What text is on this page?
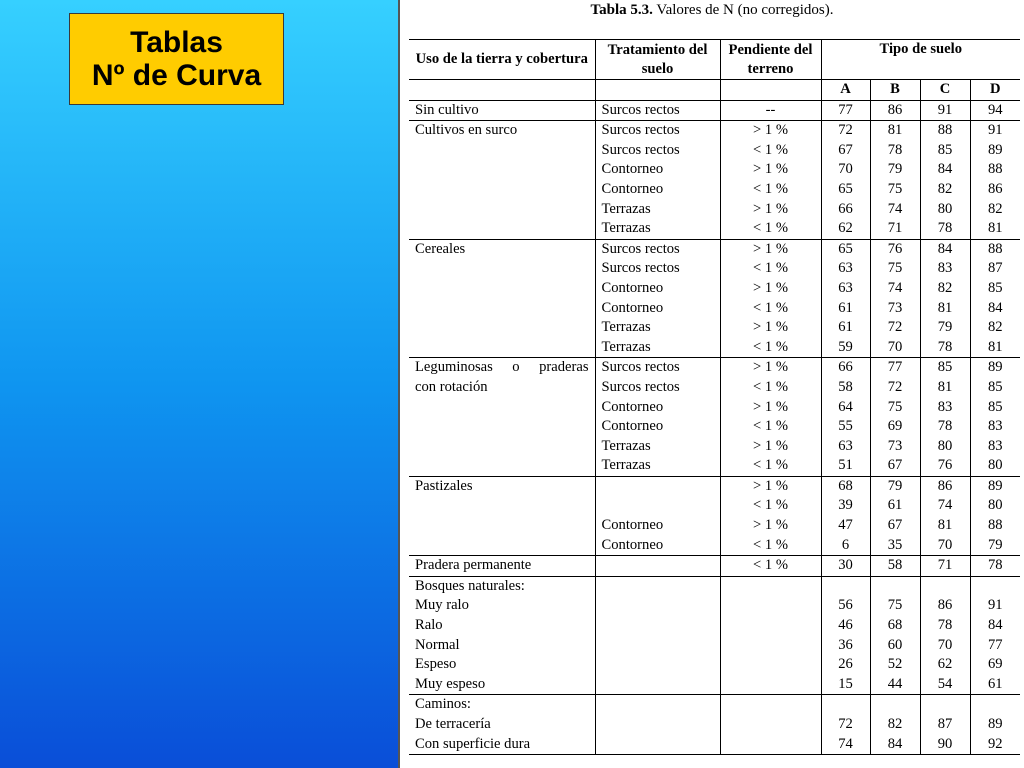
Tablas
Nº de Curva
Tabla 5.3. Valores de N (no corregidos).
Uso de la tierra y cobertura	Tratamiento del suelo	Pendiente del terreno	Tipo de suelo			
			A	B	C	D
Sin cultivo	Surcos rectos	--	77	86	91	94
Cultivos en surco	Surcos rectos	> 1 %	72	81	88	91
	Surcos rectos	< 1 %	67	78	85	89
	Contorneo	> 1 %	70	79	84	88
	Contorneo	< 1 %	65	75	82	86
	Terrazas	> 1 %	66	74	80	82
	Terrazas	< 1 %	62	71	78	81
Cereales	Surcos rectos	> 1 %	65	76	84	88
	Surcos rectos	< 1 %	63	75	83	87
	Contorneo	> 1 %	63	74	82	85
	Contorneo	< 1 %	61	73	81	84
	Terrazas	> 1 %	61	72	79	82
	Terrazas	< 1 %	59	70	78	81
Leguminosas o praderas	Surcos rectos	> 1 %	66	77	85	89
con rotación	Surcos rectos	< 1 %	58	72	81	85
	Contorneo	> 1 %	64	75	83	85
	Contorneo	< 1 %	55	69	78	83
	Terrazas	> 1 %	63	73	80	83
	Terrazas	< 1 %	51	67	76	80
Pastizales		> 1 %	68	79	86	89
		< 1 %	39	61	74	80
	Contorneo	> 1 %	47	67	81	88
	Contorneo	< 1 %	6	35	70	79
Pradera permanente		< 1 %	30	58	71	78
Bosques naturales:						
Muy ralo			56	75	86	91
Ralo			46	68	78	84
Normal			36	60	70	77
Espeso			26	52	62	69
Muy espeso			15	44	54	61
Caminos:						
De terracería			72	82	87	89
Con superficie dura			74	84	90	92
